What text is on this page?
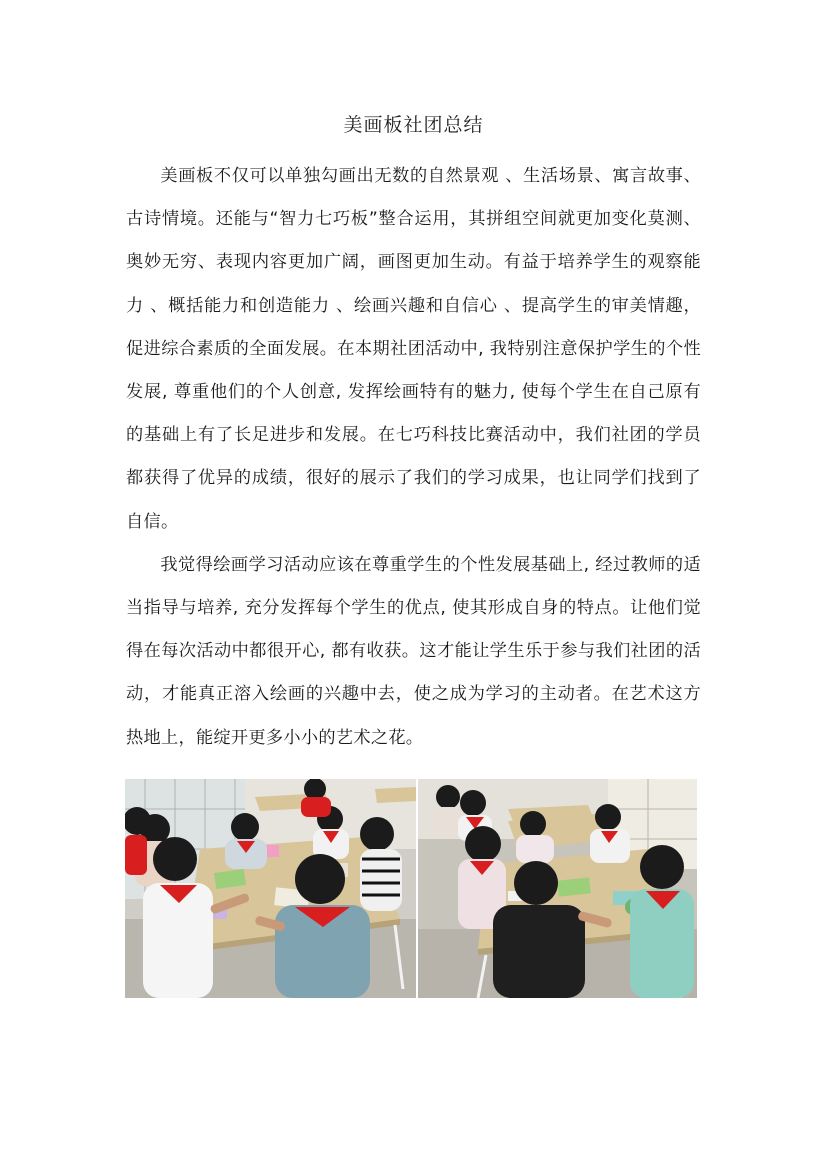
美画板社团总结

美画板不仅可以单独勾画出无数的自然景观 、生活场景、寓言故事、古诗情境。还能与“智力七巧板”整合运用，其拼组空间就更加变化莫测、奥妙无穷、表现内容更加广阔，画图更加生动。有益于培养学生的观察能力 、概括能力和创造能力 、绘画兴趣和自信心 、提高学生的审美情趣，促进综合素质的全面发展。在本期社团活动中, 我特别注意保护学生的个性发展, 尊重他们的个人创意, 发挥绘画特有的魅力, 使每个学生在自己原有的基础上有了长足进步和发展。在七巧科技比赛活动中，我们社团的学员都获得了优异的成绩，很好的展示了我们的学习成果，也让同学们找到了自信。

我觉得绘画学习活动应该在尊重学生的个性发展基础上, 经过教师的适当指导与培养, 充分发挥每个学生的优点, 使其形成自身的特点。让他们觉得在每次活动中都很开心, 都有收获。这才能让学生乐于参与我们社团的活动，才能真正溶入绘画的兴趣中去，使之成为学习的主动者。在艺术这方热地上，能绽开更多小小的艺术之花。
